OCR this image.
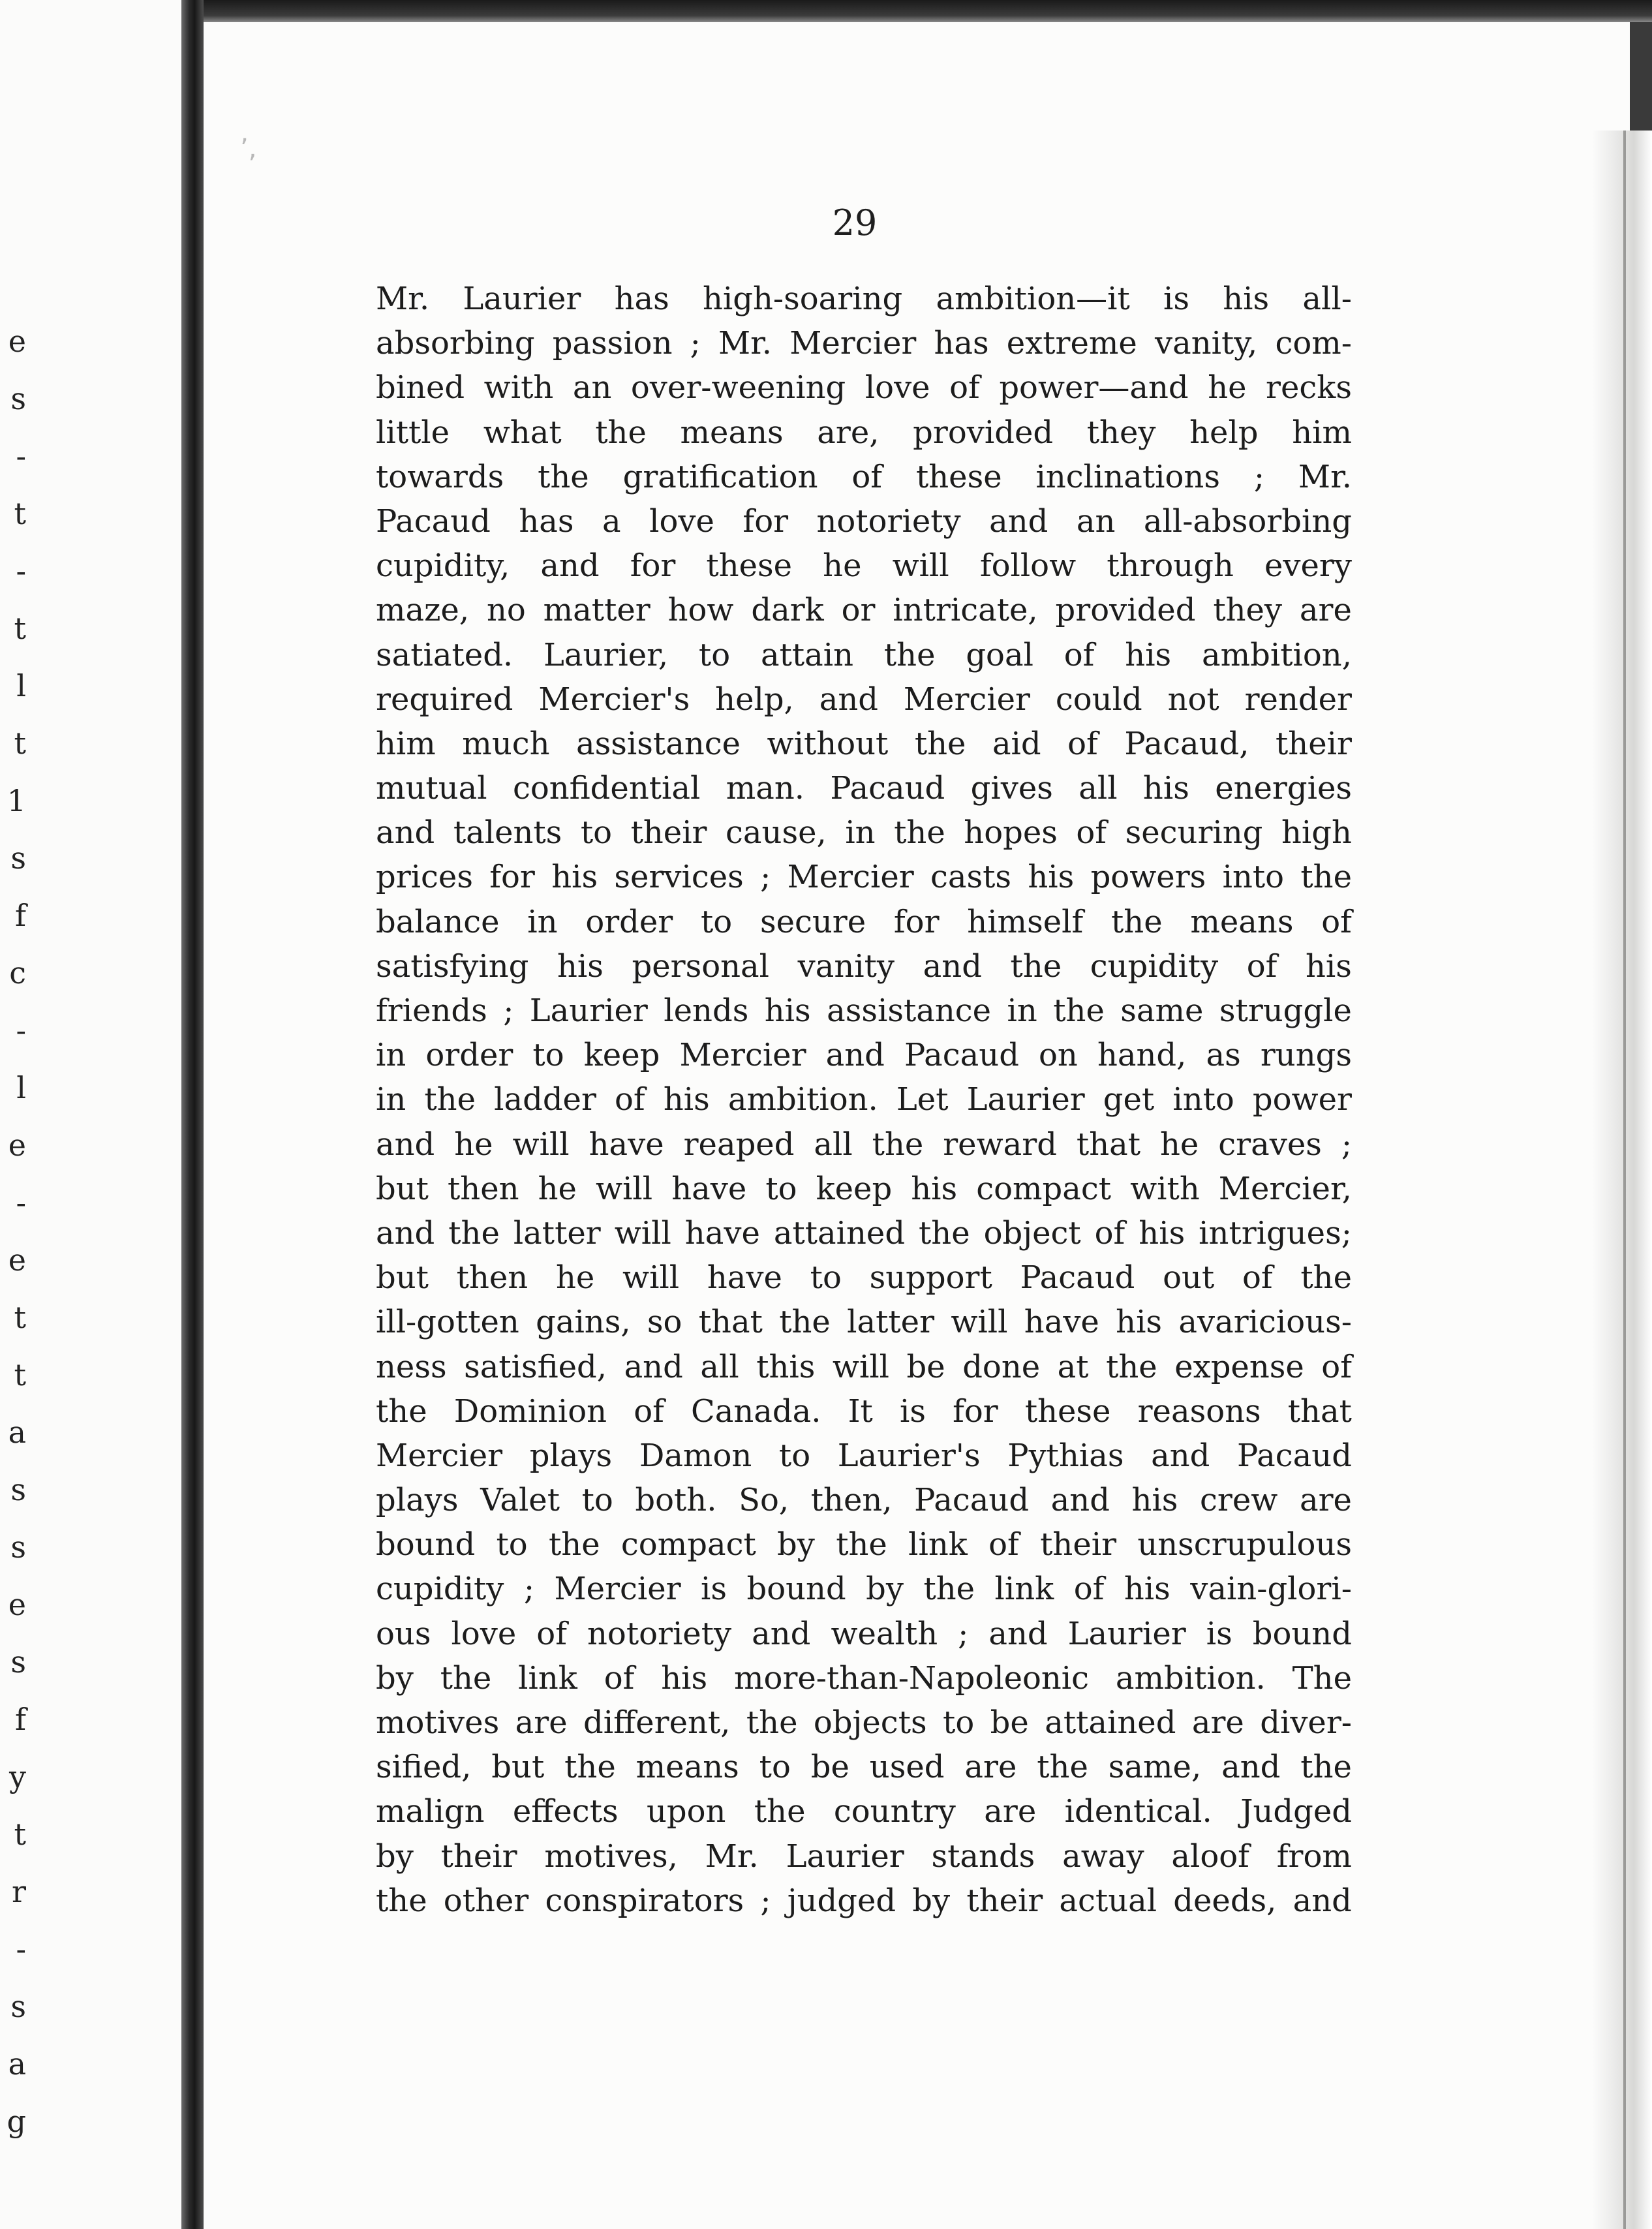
e
s
-
t
-
t
l
t
1
s
f
c
-
l
e
-
e
t
t
a
s
s
e
s
f
y
t
r
-
s
a
g
ʼ,
29
Mr. Laurier has high-soaring ambition—it is his all-
absorbing passion ; Mr. Mercier has extreme vanity, com-
bined with an over-weening love of power—and he recks
little what the means are, provided they help him
towards the gratification of these inclinations ; Mr.
Pacaud has a love for notoriety and an all-absorbing
cupidity, and for these he will follow through every
maze, no matter how dark or intricate, provided they are
satiated. Laurier, to attain the goal of his ambition,
required Mercier's help, and Mercier could not render
him much assistance without the aid of Pacaud, their
mutual confidential man. Pacaud gives all his energies
and talents to their cause, in the hopes of securing high
prices for his services ; Mercier casts his powers into the
balance in order to secure for himself the means of
satisfying his personal vanity and the cupidity of his
friends ; Laurier lends his assistance in the same struggle
in order to keep Mercier and Pacaud on hand, as rungs
in the ladder of his ambition. Let Laurier get into power
and he will have reaped all the reward that he craves ;
but then he will have to keep his compact with Mercier,
and the latter will have attained the object of his intrigues;
but then he will have to support Pacaud out of the
ill-gotten gains, so that the latter will have his avaricious-
ness satisfied, and all this will be done at the expense of
the Dominion of Canada. It is for these reasons that
Mercier plays Damon to Laurier's Pythias and Pacaud
plays Valet to both. So, then, Pacaud and his crew are
bound to the compact by the link of their unscrupulous
cupidity ; Mercier is bound by the link of his vain-glori-
ous love of notoriety and wealth ; and Laurier is bound
by the link of his more-than-Napoleonic ambition. The
motives are different, the objects to be attained are diver-
sified, but the means to be used are the same, and the
malign effects upon the country are identical. Judged
by their motives, Mr. Laurier stands away aloof from
the other conspirators ; judged by their actual deeds, and
